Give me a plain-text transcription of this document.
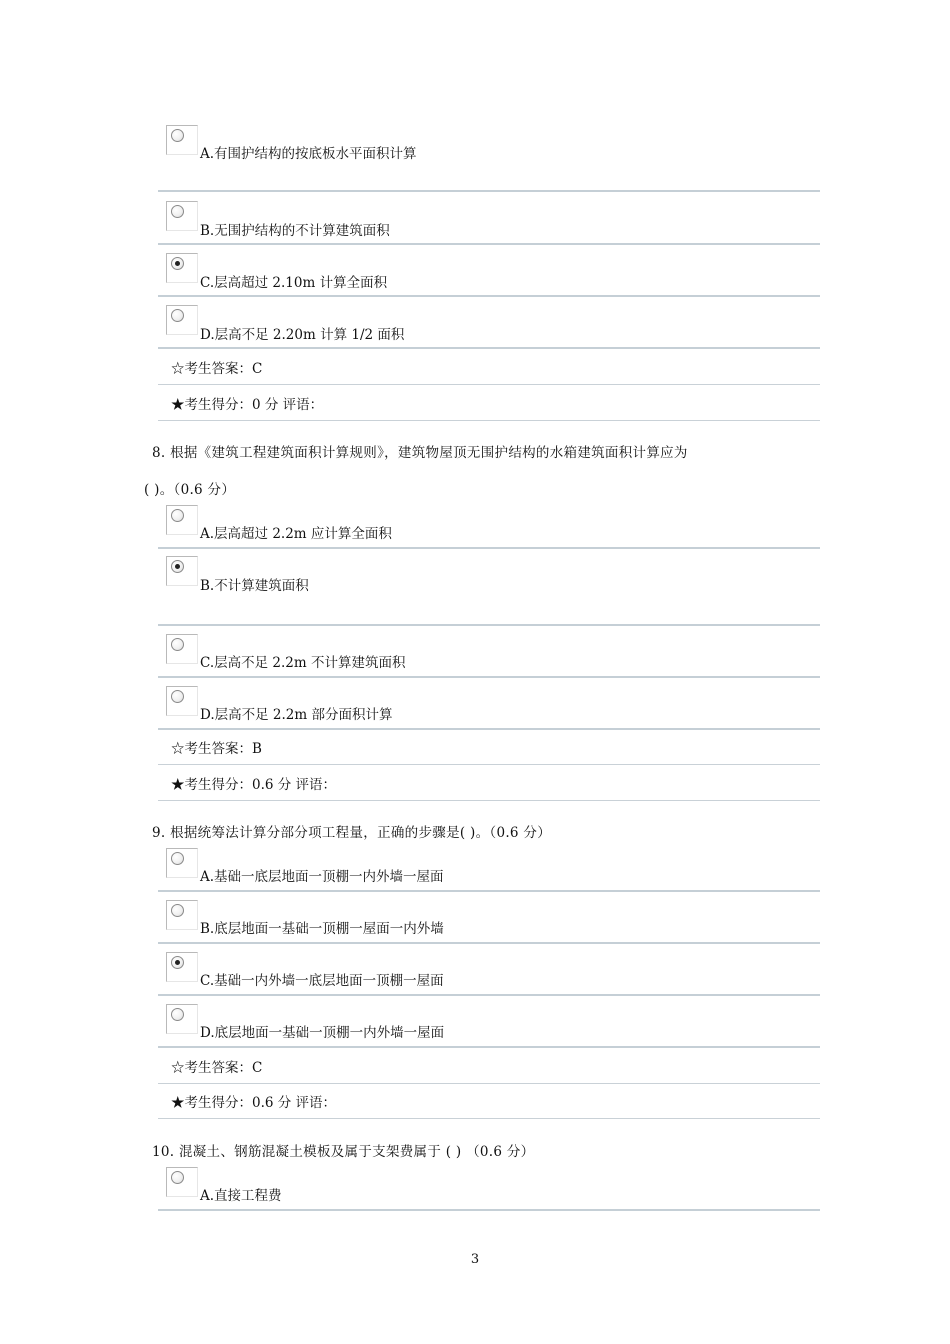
A.有围护结构的按底板水平面积计算
B.无围护结构的不计算建筑面积
C.层高超过 2.10m 计算全面积
D.层高不足 2.20m 计算 1/2 面积
☆考生答案：C
★考生得分：0 分 评语：
8. 根据《建筑工程建筑面积计算规则》，建筑物屋顶无围护结构的水箱建筑面积计算应为
( )。（0.6 分）
A.层高超过 2.2m 应计算全面积
B.不计算建筑面积
C.层高不足 2.2m 不计算建筑面积
D.层高不足 2.2m 部分面积计算
☆考生答案：B
★考生得分：0.6 分 评语：
9. 根据统筹法计算分部分项工程量，正确的步骤是( )。（0.6 分）
A.基础一底层地面一顶棚一内外墙一屋面
B.底层地面一基础一顶棚一屋面一内外墙
C.基础一内外墙一底层地面一顶棚一屋面
D.底层地面一基础一顶棚一内外墙一屋面
☆考生答案：C
★考生得分：0.6 分 评语：
10. 混凝土、钢筋混凝土模板及属于支架费属于 ( ) （0.6 分）
A.直接工程费
3
